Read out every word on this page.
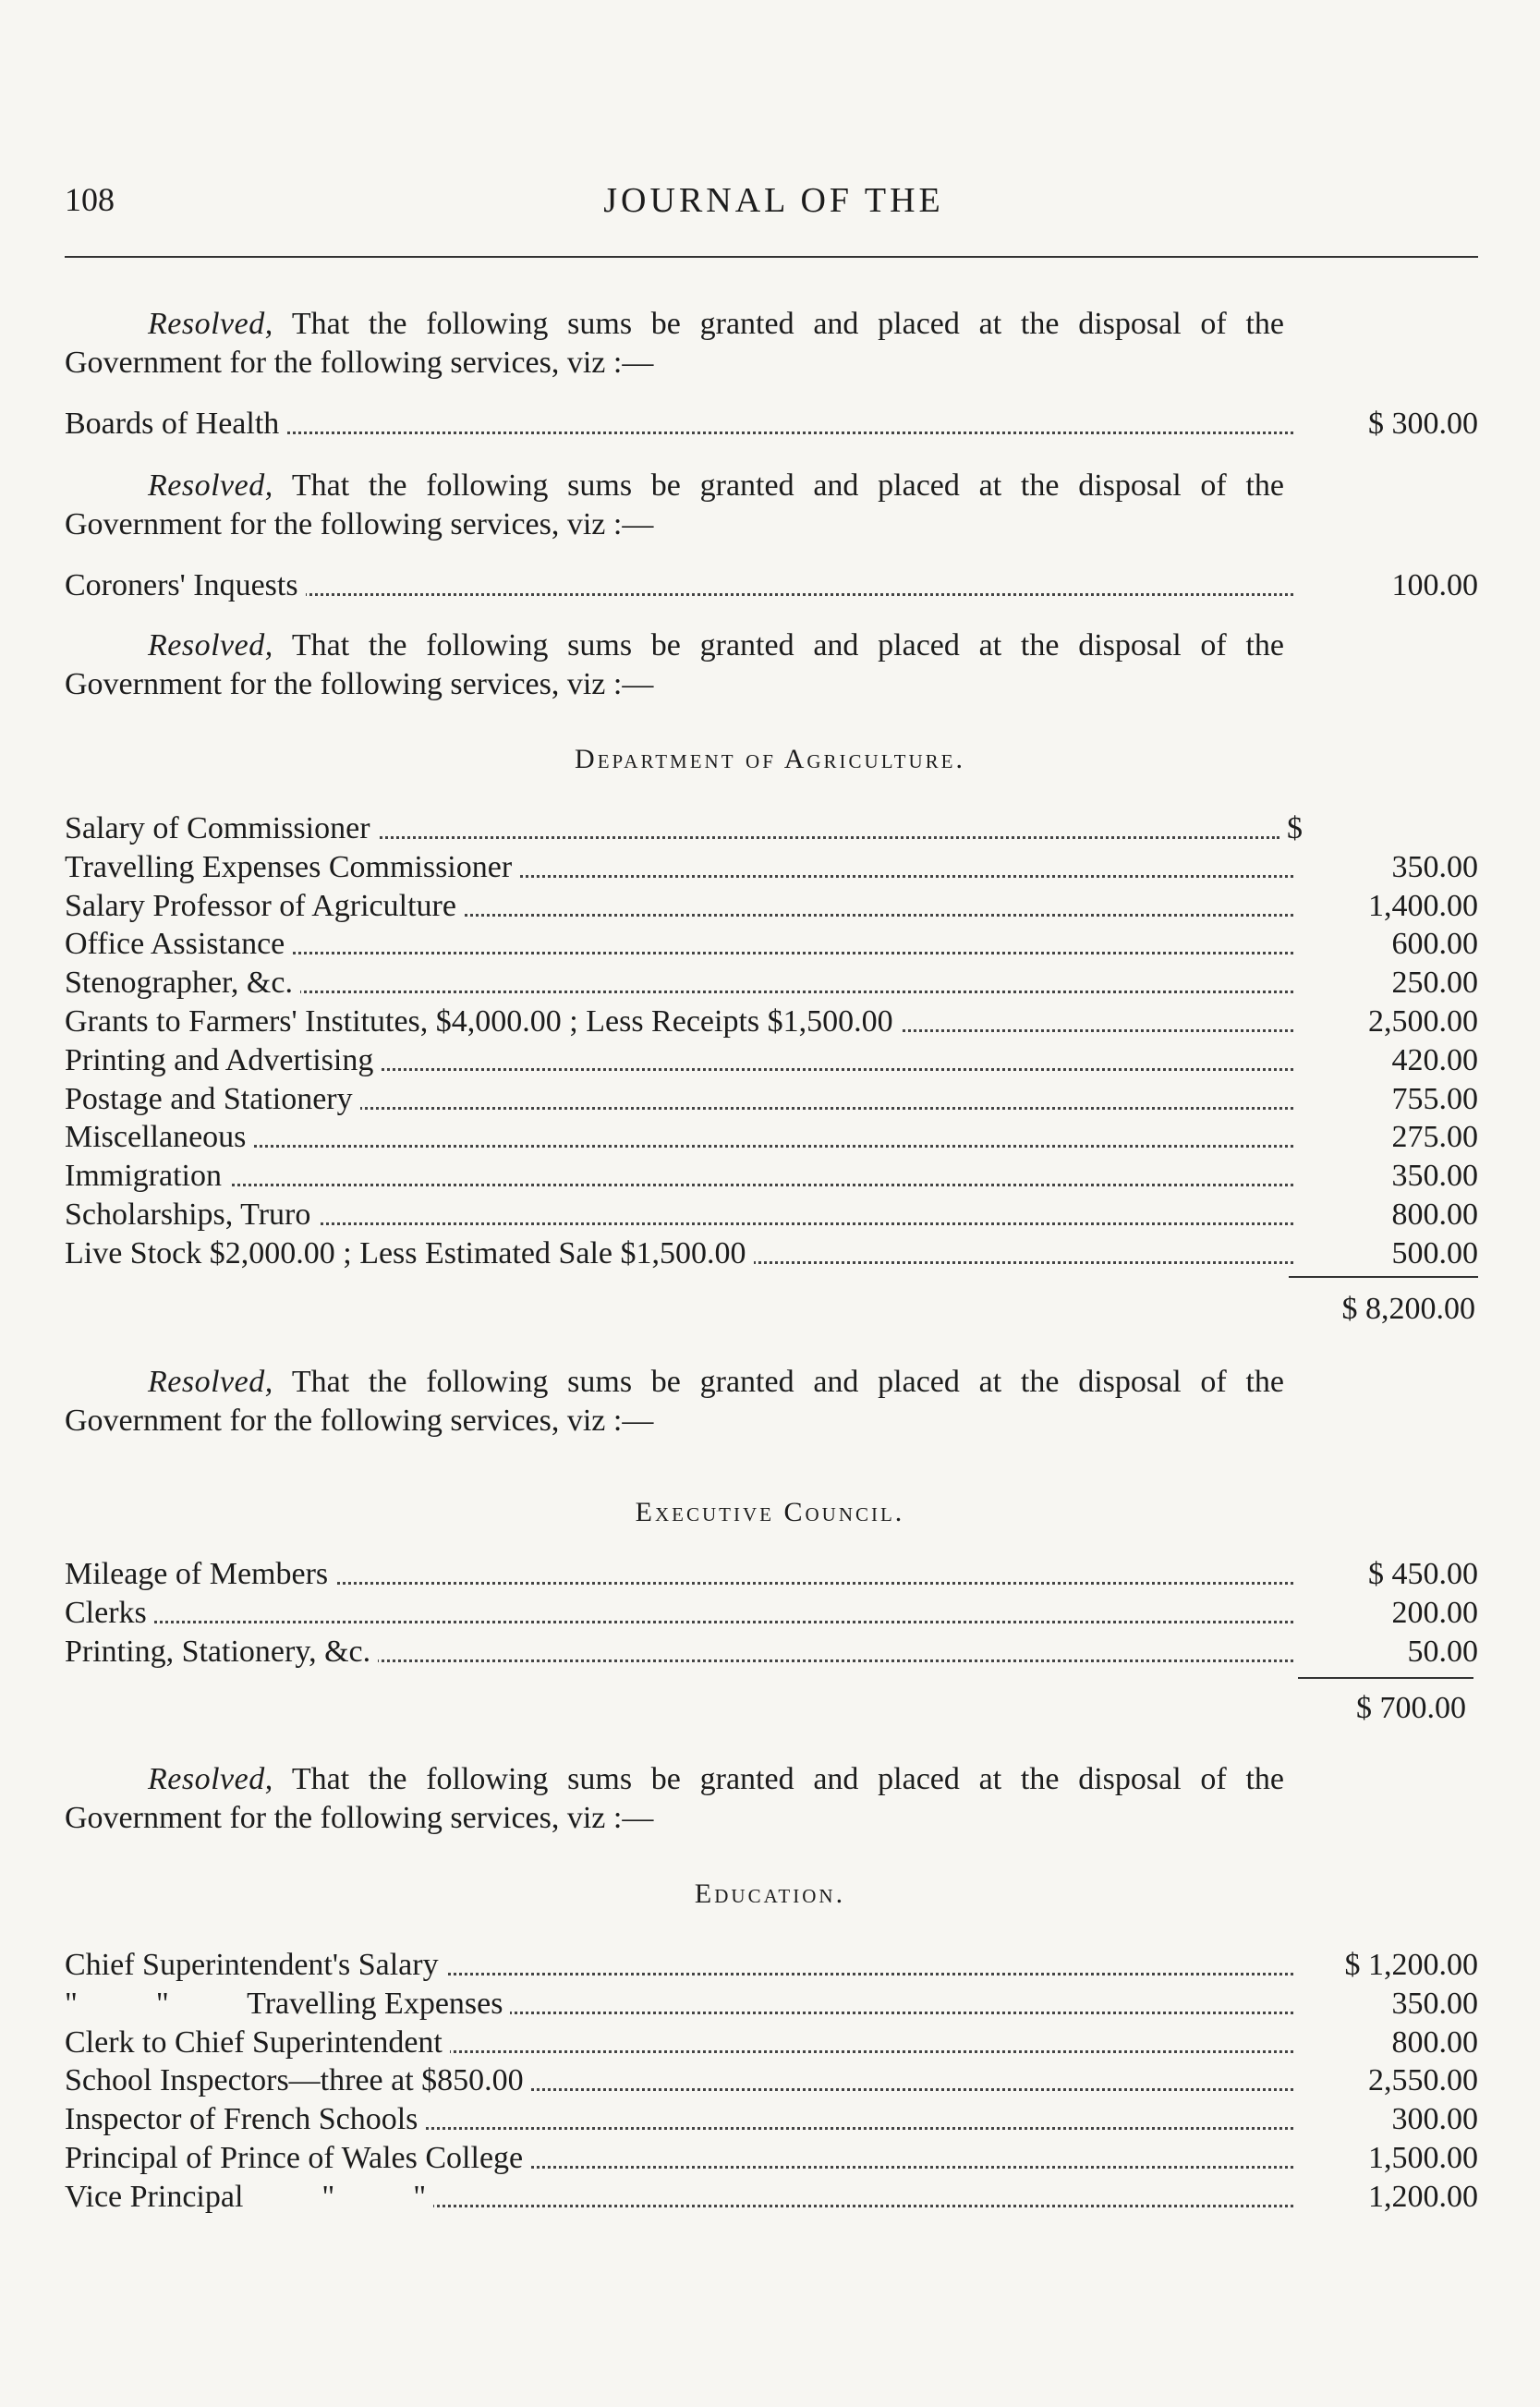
108	JOURNAL OF THE
Resolved, That the following sums be granted and placed at the disposal of the Government for the following services, viz :—
Boards of Health	$ 300.00
Resolved, That the following sums be granted and placed at the disposal of the Government for the following services, viz :—
Coroners' Inquests	100.00
Resolved, That the following sums be granted and placed at the disposal of the Government for the following services, viz :—
Department of Agriculture.
Salary of Commissioner	$
Travelling Expenses Commissioner	350.00
Salary Professor of Agriculture	1,400.00
Office Assistance	600.00
Stenographer, &c.	250.00
Grants to Farmers' Institutes, $4,000.00 ; Less Receipts $1,500.00	2,500.00
Printing and Advertising	420.00
Postage and Stationery	755.00
Miscellaneous	275.00
Immigration	350.00
Scholarships, Truro	800.00
Live Stock $2,000.00 ; Less Estimated Sale $1,500.00	500.00
$ 8,200.00
Resolved, That the following sums be granted and placed at the disposal of the Government for the following services, viz :—
Executive Council.
Mileage of Members	$ 450.00
Clerks	200.00
Printing, Stationery, &c.	50.00
$ 700.00
Resolved, That the following sums be granted and placed at the disposal of the Government for the following services, viz :—
Education.
Chief Superintendent's Salary	$ 1,200.00
"          "          Travelling Expenses	350.00
Clerk to Chief Superintendent	800.00
School Inspectors—three at $850.00	2,550.00
Inspector of French Schools	300.00
Principal of Prince of Wales College	1,500.00
Vice Principal          "          "	1,200.00
